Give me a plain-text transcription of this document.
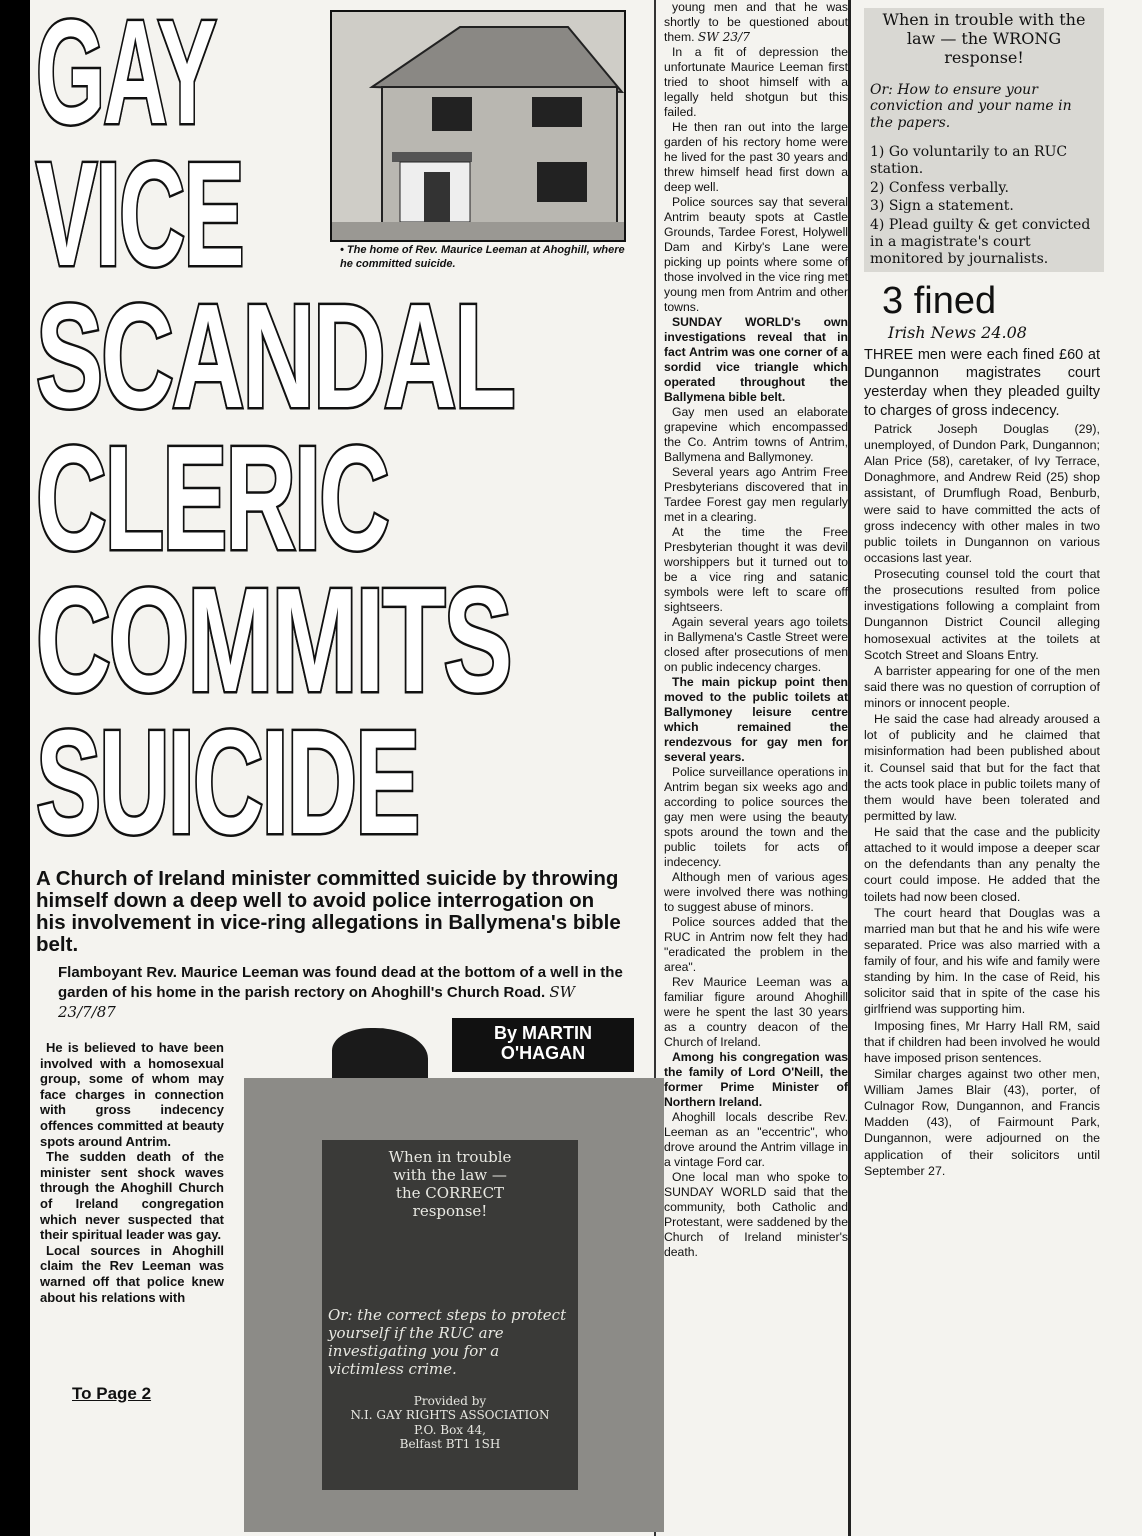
GAY
VICE
SCANDAL
CLERIC
COMMITS
SUICIDE
• The home of Rev. Maurice Leeman at Ahoghill, where he committed suicide.
A Church of Ireland minister committed suicide by throwing himself down a deep well to avoid police interrogation on his involvement in vice-ring allegations in Ballymena's bible belt.
Flamboyant Rev. Maurice Leeman was found dead at the bottom of a well in the garden of his home in the parish rectory on Ahoghill's Church Road. SW 23/7/87
By MARTIN
O'HAGAN

He is believed to have been involved with a homosexual group, some of whom may face charges in connection with gross indecency offences committed at beauty spots around Antrim.

The sudden death of the minister sent shock waves through the Ahoghill Church of Ireland congregation which never suspected that their spiritual leader was gay.

Local sources in Ahoghill claim the Rev Leeman was warned off that police knew about his relations with

To Page 2
When in trouble
with the law —
the CORRECT
response!
Or: the correct steps to protect yourself if the RUC are investigating you for a victimless crime.
Provided by
N.I. GAY RIGHTS ASSOCIATION
P.O. Box 44,
Belfast BT1 1SH

young men and that he was shortly to be questioned about them. SW 23/7

In a fit of depression the unfortunate Maurice Leeman first tried to shoot himself with a legally held shotgun but this failed.

He then ran out into the large garden of his rectory home were he lived for the past 30 years and threw himself head first down a deep well.

Police sources say that several Antrim beauty spots at Castle Grounds, Tardee Forest, Holywell Dam and Kirby's Lane were picking up points where some of those involved in the vice ring met young men from Antrim and other towns.

SUNDAY WORLD's own investigations reveal that in fact Antrim was one corner of a sordid vice triangle which operated throughout the Ballymena bible belt.

Gay men used an elaborate grapevine which encompassed the Co. Antrim towns of Antrim, Ballymena and Ballymoney.

Several years ago Antrim Free Presbyterians discovered that in Tardee Forest gay men regularly met in a clearing.

At the time the Free Presbyterian thought it was devil worshippers but it turned out to be a vice ring and satanic symbols were left to scare off sightseers.

Again several years ago toilets in Ballymena's Castle Street were closed after prosecutions of men on public indecency charges.

The main pickup point then moved to the public toilets at Ballymoney leisure centre which remained the rendezvous for gay men for several years.

Police surveillance operations in Antrim began six weeks ago and according to police sources the gay men were using the beauty spots around the town and the public toilets for acts of indecency.

Although men of various ages were involved there was nothing to suggest abuse of minors.

Police sources added that the RUC in Antrim now felt they had "eradicated the problem in the area".

Rev Maurice Leeman was a familiar figure around Ahoghill were he spent the last 30 years as a country deacon of the Church of Ireland.

Among his congregation was the family of Lord O'Neill, the former Prime Minister of Northern Ireland.

Ahoghill locals describe Rev. Leeman as an "eccentric", who drove around the Antrim village in a vintage Ford car.

One local man who spoke to SUNDAY WORLD said that the community, both Catholic and Protestant, were saddened by the Church of Ireland minister's death.

When in trouble with the law — the WRONG response!
Or: How to ensure your conviction and your name in the papers.
1) Go voluntarily to an RUC station.
2) Confess verbally.
3) Sign a statement.
4) Plead guilty & get convicted in a magistrate's court monitored by journalists.
3 fined
Irish News 24.08

THREE men were each fined £60 at Dungannon magistrates court yesterday when they pleaded guilty to charges of gross indecency.

Patrick Joseph Douglas (29), unemployed, of Dundon Park, Dungannon; Alan Price (58), caretaker, of Ivy Terrace, Donaghmore, and Andrew Reid (25) shop assistant, of Drumflugh Road, Benburb, were said to have committed the acts of gross indecency with other males in two public toilets in Dungannon on various occasions last year.

Prosecuting counsel told the court that the prosecutions resulted from police investigations following a complaint from Dungannon District Council alleging homosexual activites at the toilets at Scotch Street and Sloans Entry.

A barrister appearing for one of the men said there was no question of corruption of minors or innocent people.

He said the case had already aroused a lot of publicity and he claimed that misinformation had been published about it. Counsel said that but for the fact that the acts took place in public toilets many of them would have been tolerated and permitted by law.

He said that the case and the publicity attached to it would impose a deeper scar on the defendants than any penalty the court could impose. He added that the toilets had now been closed.

The court heard that Douglas was a married man but that he and his wife were separated. Price was also married with a family of four, and his wife and family were standing by him. In the case of Reid, his solicitor said that in spite of the case his girlfriend was supporting him.

Imposing fines, Mr Harry Hall RM, said that if children had been involved he would have imposed prison sentences.

Similar charges against two other men, William James Blair (43), porter, of Culnagor Row, Dungannon, and Francis Madden (43), of Fairmount Park, Dungannon, were adjourned on the application of their solicitors until September 27.
